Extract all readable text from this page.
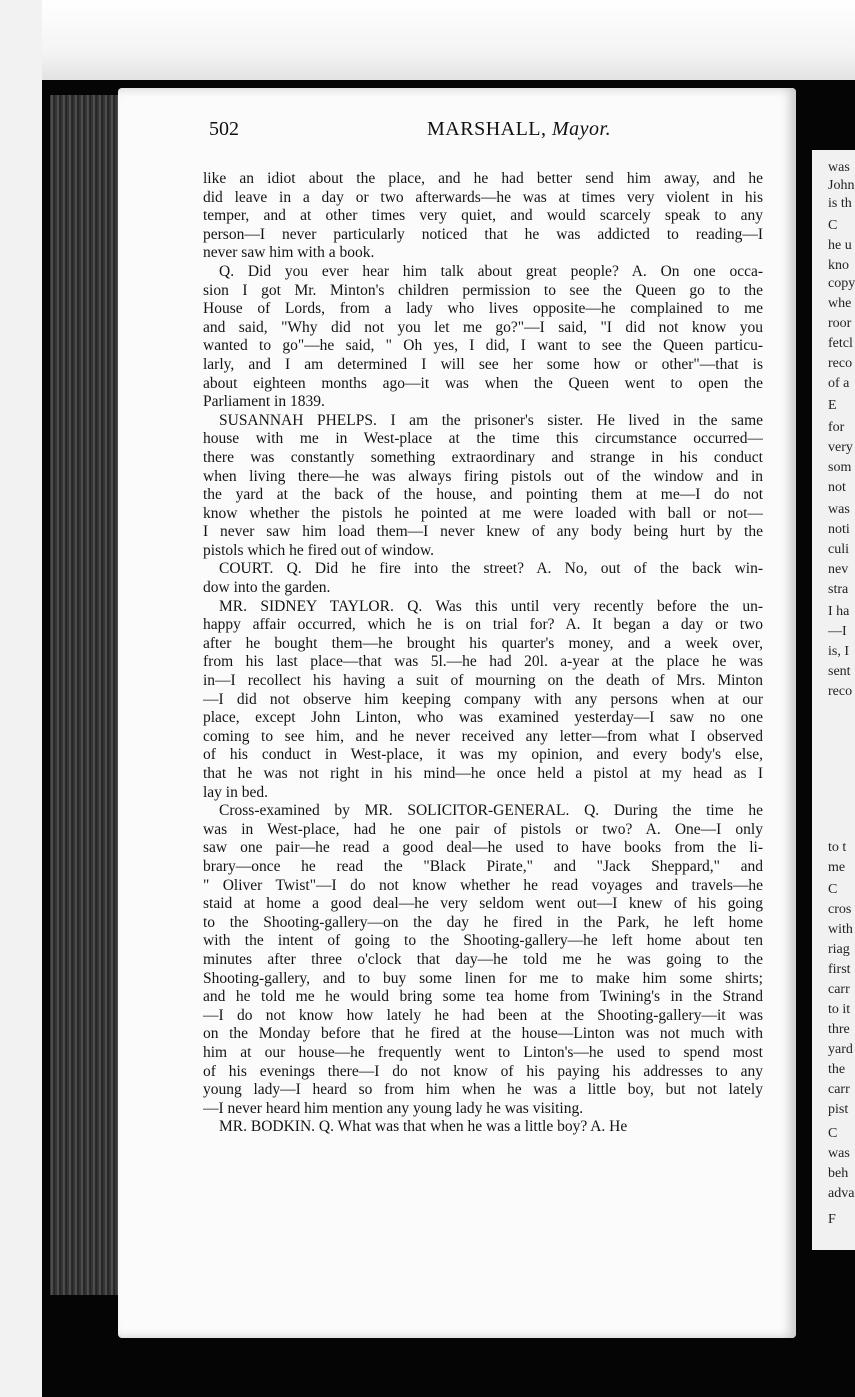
was
John
is th
C
he u
kno
copy
whe
roor
fetcl
reco
of a
E
for
very
som
not
was
noti
culi
nev
stra
I ha
—I
is, I
sent
reco
to t
me
C
cros
with
riag
first
carr
to it
thre
yard
the
carr
pist
C
was
beh
adva
F
502	MARSHALL, Mayor.
like an idiot about the place, and he had better send him away, and he
did leave in a day or two afterwards—he was at times very violent in his
temper, and at other times very quiet, and would scarcely speak to any
person—I never particularly noticed that he was addicted to reading—I
never saw him with a book.
Q. Did you ever hear him talk about great people? A. On one occa-
sion I got Mr. Minton's children permission to see the Queen go to the
House of Lords, from a lady who lives opposite—he complained to me
and said, "Why did not you let me go?"—I said, "I did not know you
wanted to go"—he said, " Oh yes, I did, I want to see the Queen particu-
larly, and I am determined I will see her some how or other"—that is
about eighteen months ago—it was when the Queen went to open the
Parliament in 1839.
SUSANNAH PHELPS. I am the prisoner's sister. He lived in the same
house with me in West-place at the time this circumstance occurred—
there was constantly something extraordinary and strange in his conduct
when living there—he was always firing pistols out of the window and in
the yard at the back of the house, and pointing them at me—I do not
know whether the pistols he pointed at me were loaded with ball or not—
I never saw him load them—I never knew of any body being hurt by the
pistols which he fired out of window.
COURT. Q. Did he fire into the street? A. No, out of the back win-
dow into the garden.
MR. SIDNEY TAYLOR. Q. Was this until very recently before the un-
happy affair occurred, which he is on trial for? A. It began a day or two
after he bought them—he brought his quarter's money, and a week over,
from his last place—that was 5l.—he had 20l. a-year at the place he was
in—I recollect his having a suit of mourning on the death of Mrs. Minton
—I did not observe him keeping company with any persons when at our
place, except John Linton, who was examined yesterday—I saw no one
coming to see him, and he never received any letter—from what I observed
of his conduct in West-place, it was my opinion, and every body's else,
that he was not right in his mind—he once held a pistol at my head as I
lay in bed.
Cross-examined by MR. SOLICITOR-GENERAL. Q. During the time he
was in West-place, had he one pair of pistols or two? A. One—I only
saw one pair—he read a good deal—he used to have books from the li-
brary—once he read the "Black Pirate," and "Jack Sheppard," and
" Oliver Twist"—I do not know whether he read voyages and travels—he
staid at home a good deal—he very seldom went out—I knew of his going
to the Shooting-gallery—on the day he fired in the Park, he left home
with the intent of going to the Shooting-gallery—he left home about ten
minutes after three o'clock that day—he told me he was going to the
Shooting-gallery, and to buy some linen for me to make him some shirts;
and he told me he would bring some tea home from Twining's in the Strand
—I do not know how lately he had been at the Shooting-gallery—it was
on the Monday before that he fired at the house—Linton was not much with
him at our house—he frequently went to Linton's—he used to spend most
of his evenings there—I do not know of his paying his addresses to any
young lady—I heard so from him when he was a little boy, but not lately
—I never heard him mention any young lady he was visiting.
MR. BODKIN. Q. What was that when he was a little boy? A. He
